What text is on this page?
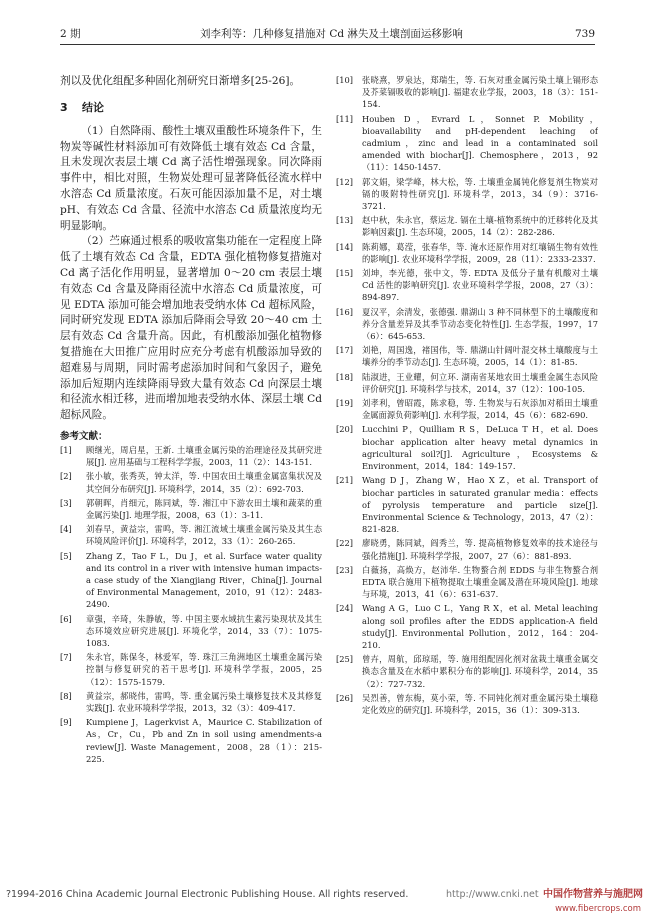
2 期	刘李利等：几种修复措施对 Cd 淋失及土壤剖面运移影响	739

剂以及优化组配多种固化剂研究日渐增多[25-26]。

3 结论

（1）自然降雨、酸性土壤双重酸性环境条件下，生物炭等碱性材料添加可有效降低土壤有效态 Cd 含量，且未发现次表层土壤 Cd 离子活性增强现象。同次降雨事件中，相比对照，生物炭处理可显著降低径流水样中水溶态 Cd 质量浓度。石灰可能因添加量不足，对土壤 pH、有效态 Cd 含量、径流中水溶态 Cd 质量浓度均无明显影响。

（2）苎麻通过根系的吸收富集功能在一定程度上降低了土壤有效态 Cd 含量，EDTA 强化植物修复措施对 Cd 离子活化作用明显，显著增加 0～20 cm 表层土壤有效态 Cd 含量及降雨径流中水溶态 Cd 质量浓度，可见 EDTA 添加可能会增加地表受纳水体 Cd 超标风险，同时研究发现 EDTA 添加后降雨会导致 20～40 cm 土层有效态 Cd 含量升高。因此，有机酸添加强化植物修复措施在大田推广应用时应充分考虑有机酸添加导致的超难易与周期，同时需考虑添加时间和气象因子，避免添加后短期内连续降雨导致大量有效态 Cd 向深层土壤和径流水相迁移，进而增加地表受纳水体、深层土壤 Cd 超标风险。

参考文献：
[1] 顾继光，周启星，王新. 土壤重金属污染的治理途径及其研究进展[J]. 应用基础与工程科学学报，2003，11（2）：143-151.
[2] 张小敏，张秀英，钟太洋，等. 中国农田土壤重金属富集状况及其空间分布研究[J]. 环境科学，2014，35（2）：692-703.
[3] 郭朝晖，肖细元，陈同斌，等. 湘江中下游农田土壤和蔬菜的重金属污染[J]. 地理学报，2008，63（1）：3-11.
[4] 刘春早，黄益宗，雷鸣，等. 湘江流域土壤重金属污染及其生态环境风险评价[J]. 环境科学，2012，33（1）：260-265.
[5] Zhang Z，Tao F L，Du J，et al. Surface water quality and its control in a river with intensive human impacts-a case study of the Xiangjiang River，China[J]. Journal of Environmental Management，2010，91（12）：2483-2490.
[6] 章强，辛琦，朱静敏，等. 中国主要水域抗生素污染现状及其生态环境效应研究进展[J]. 环境化学，2014，33（7）：1075-1083.
[7] 朱永官，陈保冬，林爱军，等. 珠江三角洲地区土壤重金属污染控制与修复研究的若干思考[J]. 环境科学学报，2005，25（12）：1575-1579.
[8] 黄益宗，郝晓伟，雷鸣，等. 重金属污染土壤修复技术及其修复实践[J]. 农业环境科学学报，2013，32（3）：409-417.
[9] Kumpiene J，Lagerkvist A，Maurice C. Stabilization of As，Cr，Cu，Pb and Zn in soil using amendments-a review[J]. Waste Management，2008，28（1）：215-225.
[10] 张晓熹，罗泉达，郑瑞生，等. 石灰对重金属污染土壤上镉形态及芥菜镉吸收的影响[J]. 福建农业学报，2003，18（3）：151-154.
[11] Houben D，Evrard L，Sonnet P. Mobility，bioavailability and pH-dependent leaching of cadmium，zinc and lead in a contaminated soil amended with biochar[J]. Chemosphere，2013，92（11）：1450-1457.
[12] 郭文娟，梁学峰，林大松，等. 土壤重金属钝化修复剂生物炭对镉的吸附特性研究[J]. 环境科学，2013，34（9）：3716-3721.
[13] 赵中秋，朱永官，蔡运龙. 镉在土壤-植物系统中的迁移转化及其影响因素[J]. 生态环境，2005，14（2）：282-286.
[14] 陈莉娜，葛滢，张春华，等. 淹水还原作用对红壤镉生物有效性的影响[J]. 农业环境科学学报，2009，28（11）：2333-2337.
[15] 刘坤，李光德，张中文，等. EDTA 及低分子量有机酸对土壤 Cd 活性的影响研究[J]. 农业环境科学学报，2008，27（3）：894-897.
[16] 夏汉平，余清发，张德强. 鼎湖山 3 种不同林型下的土壤酸度和养分含量差异及其季节动态变化特性[J]. 生态学报，1997，17（6）：645-653.
[17] 刘艳，周国逸，褚国伟，等. 鼎湖山针阔叶混交林土壤酸度与土壤养分的季节动态[J]. 生态环境，2005，14（1）：81-85.
[18] 陆淑进，王业耀，何立环. 湖南省某地农田土壤重金属生态风险评价研究[J]. 环境科学与技术，2014，37（12）：100-105.
[19] 刘孝利，曾昭霞，陈求稳，等. 生物炭与石灰添加对稻田土壤重金属面源负荷影响[J]. 水利学报，2014，45（6）：682-690.
[20] Lucchini P，Quilliam R S，DeLuca T H，et al. Does biochar application alter heavy metal dynamics in agricultural soil?[J]. Agriculture，Ecosystems & Environment，2014，184：149-157.
[21] Wang D J，Zhang W，Hao X Z，et al. Transport of biochar particles in saturated granular media：effects of pyrolysis temperature and particle size[J]. Environmental Science & Technology，2013，47（2）：821-828.
[22] 廖晓勇，陈同斌，阎秀兰，等. 提高植物修复效率的技术途径与强化措施[J]. 环境科学学报，2007，27（6）：881-893.
[23] 白薇扬，高焕方，赵沛华. 生物螯合剂 EDDS 与非生物螯合剂 EDTA 联合施用下植物提取土壤重金属及潜在环境风险[J]. 地球与环境，2013，41（6）：631-637.
[24] Wang A G，Luo C L，Yang R X，et al. Metal leaching along soil profiles after the EDDS application-A field study[J]. Environmental Pollution，2012，164：204-210.
[25] 曾卉，周航，邱琼瑶，等. 施用组配固化剂对盆栽土壤重金属交换态含量及在水稻中累积分布的影响[J]. 环境科学，2014，35（2）：727-732.
[26] 吴烈善，曾东梅，莫小荣，等. 不同钝化剂对重金属污染土壤稳定化效应的研究[J]. 环境科学，2015，36（1）：309-313.
?1994-2016 China Academic Journal Electronic Publishing House. All rights reserved.	http://www.cnki.net 中国作物营养与施肥网
www.fibercrops.com
